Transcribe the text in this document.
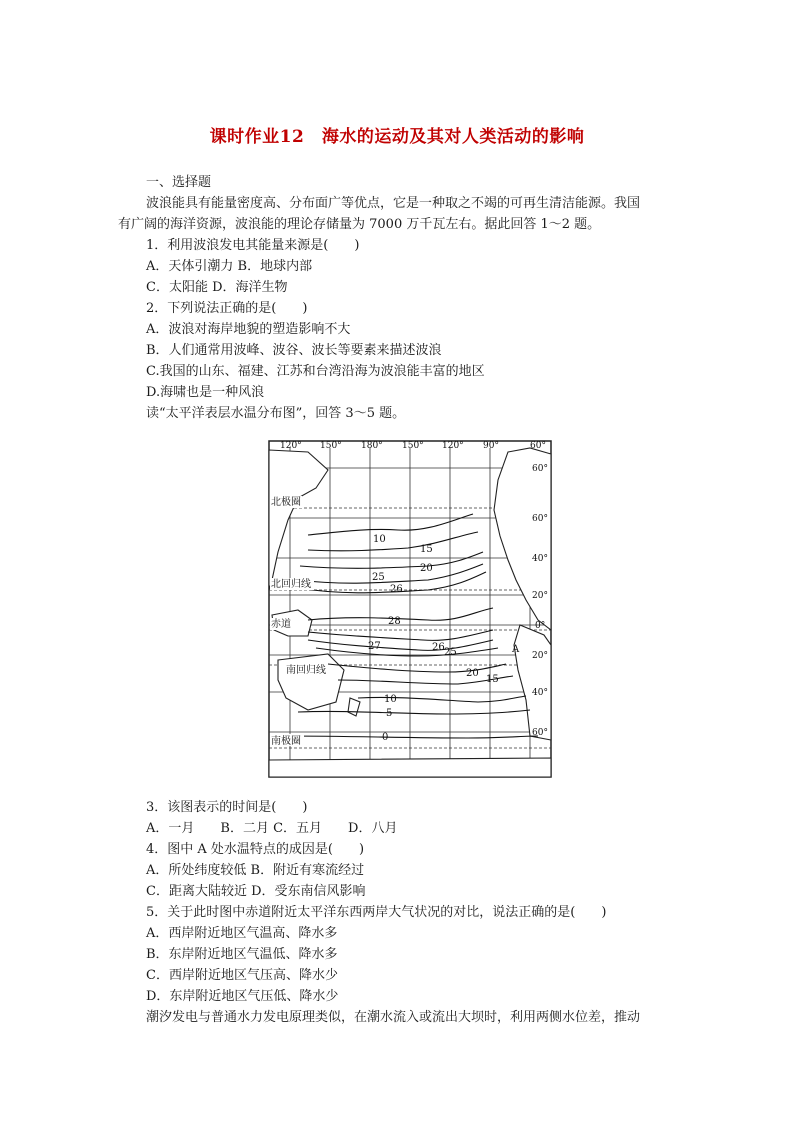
课时作业12　海水的运动及其对人类活动的影响
一、选择题
波浪能具有能量密度高、分布面广等优点，它是一种取之不竭的可再生清洁能源。我国
有广阔的海洋资源，波浪能的理论存储量为 7000 万千瓦左右。据此回答 1～2 题。
1．利用波浪发电其能量来源是(　　)
A．天体引潮力 B．地球内部
C．太阳能 D．海洋生物
2．下列说法正确的是(　　)
A．波浪对海岸地貌的塑造影响不大
B．人们通常用波峰、波谷、波长等要素来描述波浪
C.我国的山东、福建、江苏和台湾沿海为波浪能丰富的地区
D.海啸也是一种风浪
读“太平洋表层水温分布图”，回答 3～5 题。
120° 150° 180° 150° 120° 90°	60°
60°
60°
40°
20°
0°
20°
40°
60°
北极圈
北回归线
赤道
南回归线
南极圈
10
15
20
25
26
28
27	26 25
20
15
10
5
0
A
3．该图表示的时间是(　　)
A．一月　　B．二月 C．五月　　D．八月
4．图中 A 处水温特点的成因是(　　)
A．所处纬度较低 B．附近有寒流经过
C．距离大陆较近 D．受东南信风影响
5．关于此时图中赤道附近太平洋东西两岸大气状况的对比，说法正确的是(　　)
A．西岸附近地区气温高、降水多
B．东岸附近地区气温低、降水多
C．西岸附近地区气压高、降水少
D．东岸附近地区气压低、降水少
潮汐发电与普通水力发电原理类似，在潮水流入或流出大坝时，利用两侧水位差，推动
